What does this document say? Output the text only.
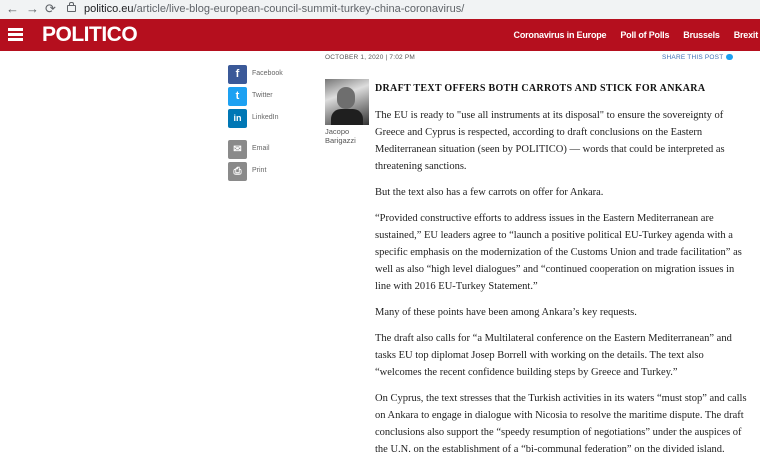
← → ⟳	politico.eu/article/live-blog-european-council-summit-turkey-china-coronavirus/
POLITICO	Coronavirus in Europe Poll of Polls Brussels Brexit
OCTOBER 1, 2020 | 7:02 PM	SHARE THIS POST
f	Facebook
t	Twitter
in	LinkedIn
✉	Email
⎙	Print
Jacopo
Barigazzi
DRAFT TEXT OFFERS BOTH CARROTS AND STICK FOR ANKARA

The EU is ready to "use all instruments at its disposal" to ensure the sovereignty of Greece and Cyprus is respected, according to draft conclusions on the Eastern Mediterranean situation (seen by POLITICO) — words that could be interpreted as threatening sanctions.

But the text also has a few carrots on offer for Ankara.

“Provided constructive efforts to address issues in the Eastern Mediterranean are sustained,” EU leaders agree to “launch a positive political EU-Turkey agenda with a specific emphasis on the modernization of the Customs Union and trade facilitation” as well as also “high level dialogues” and “continued cooperation on migration issues in line with 2016 EU-Turkey Statement.”

Many of these points have been among Ankara’s key requests.

The draft also calls for “a Multilateral conference on the Eastern Mediterranean” and tasks EU top diplomat Josep Borrell with working on the details. The text also “welcomes the recent confidence building steps by Greece and Turkey.”

On Cyprus, the text stresses that the Turkish activities in its waters “must stop” and calls on Ankara to engage in dialogue with Nicosia to resolve the maritime dispute. The draft conclusions also support the “speedy resumption of negotiations” under the auspices of the U.N. on the establishment of a “bi-communal federation” on the divided island.
